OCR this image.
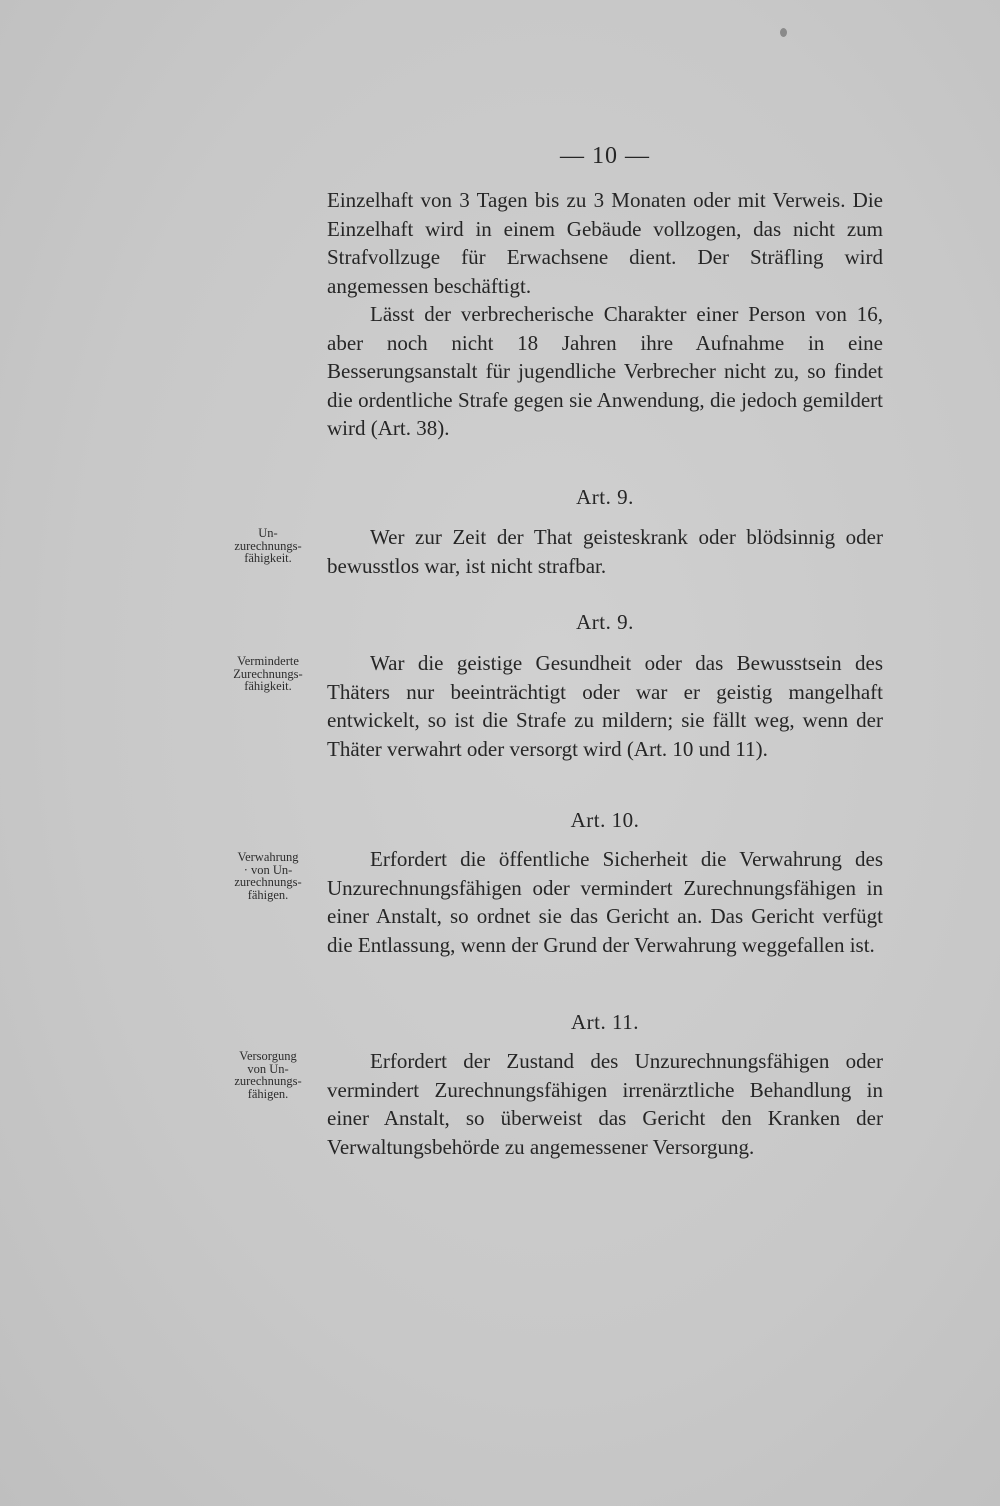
— 10 —

Einzelhaft von 3 Tagen bis zu 3 Monaten oder mit Verweis. Die Einzelhaft wird in einem Gebäude vollzogen, das nicht zum Strafvollzuge für Erwachsene dient. Der Sträfling wird angemessen beschäftigt.

Lässt der verbrecherische Charakter einer Person von 16, aber noch nicht 18 Jahren ihre Aufnahme in eine Besserungsanstalt für jugendliche Verbrecher nicht zu, so findet die ordentliche Strafe gegen sie Anwendung, die jedoch gemildert wird (Art. 38).

Art. 9.
Un-
zurechnungs-
fähigkeit.

Wer zur Zeit der That geisteskrank oder blödsinnig oder bewusstlos war, ist nicht strafbar.

Art. 9.
Verminderte
Zurechnungs-
fähigkeit.

War die geistige Gesundheit oder das Bewusstsein des Thäters nur beeinträchtigt oder war er geistig mangelhaft entwickelt, so ist die Strafe zu mildern; sie fällt weg, wenn der Thäter verwahrt oder versorgt wird (Art. 10 und 11).

Art. 10.
Verwahrung
· von Un-
zurechnungs-
fähigen.

Erfordert die öffentliche Sicherheit die Verwahrung des Unzurechnungsfähigen oder vermindert Zurechnungsfähigen in einer Anstalt, so ordnet sie das Gericht an. Das Gericht verfügt die Entlassung, wenn der Grund der Verwahrung weggefallen ist.

Art. 11.
Versorgung
von Un-
zurechnungs-
fähigen.

Erfordert der Zustand des Unzurechnungsfähigen oder vermindert Zurechnungsfähigen irrenärztliche Behandlung in einer Anstalt, so überweist das Gericht den Kranken der Verwaltungsbehörde zu angemessener Versorgung.
